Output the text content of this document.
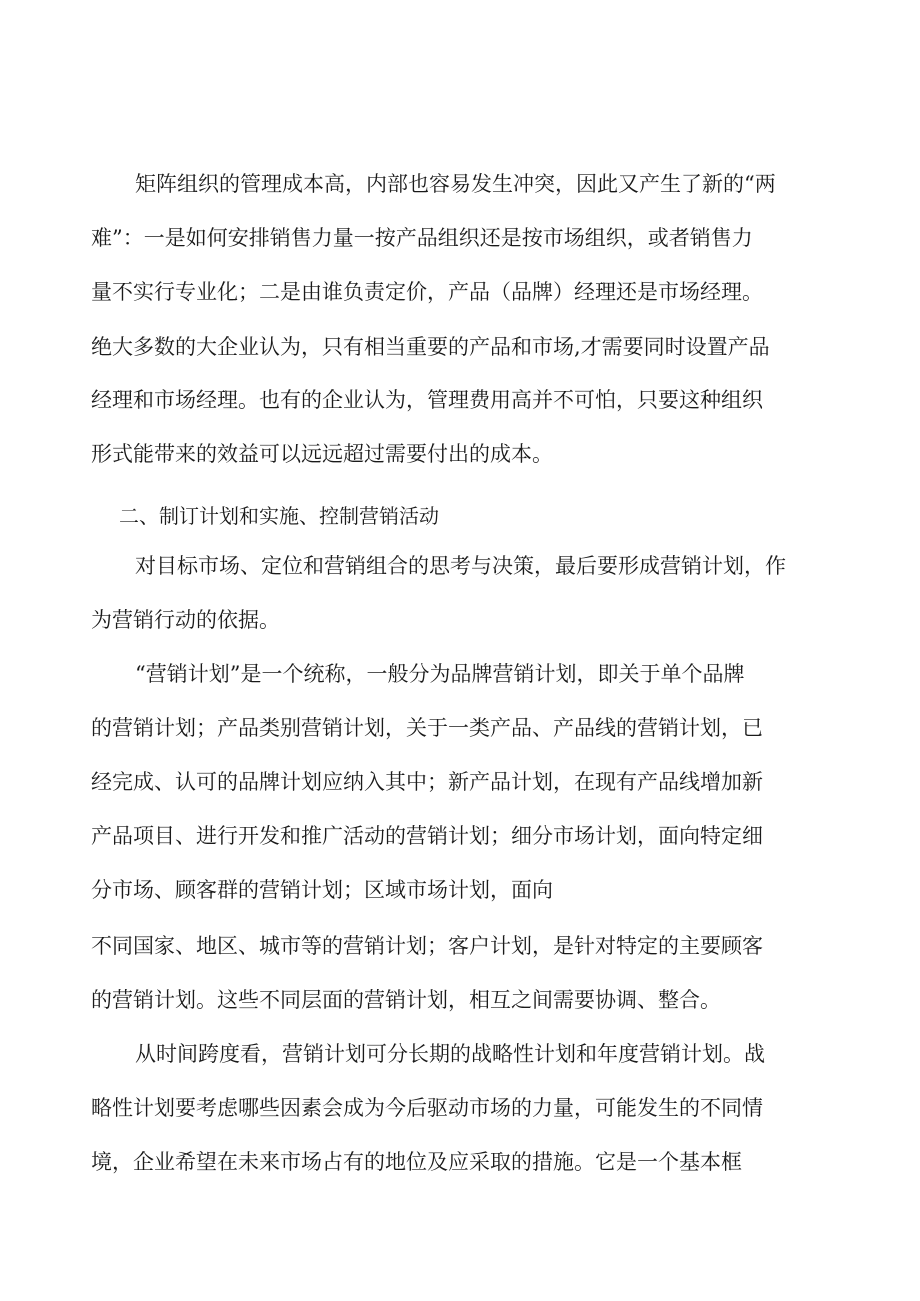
矩阵组织的管理成本高，内部也容易发生冲突，因此又产生了新的“两
难”：一是如何安排销售力量一按产品组织还是按市场组织，或者销售力
量不实行专业化；二是由谁负责定价，产品（品牌）经理还是市场经理。
绝大多数的大企业认为，只有相当重要的产品和市场,才需要同时设置产品
经理和市场经理。也有的企业认为，管理费用高并不可怕，只要这种组织
形式能带来的效益可以远远超过需要付出的成本。
二、制订计划和实施、控制营销活动
对目标市场、定位和营销组合的思考与决策，最后要形成营销计划，作
为营销行动的依据。
“营销计划”是一个统称，一般分为品牌营销计划，即关于单个品牌
的营销计划；产品类别营销计划，关于一类产品、产品线的营销计划，已
经完成、认可的品牌计划应纳入其中；新产品计划，在现有产品线增加新
产品项目、进行开发和推广活动的营销计划；细分市场计划，面向特定细
分市场、顾客群的营销计划；区域市场计划，面向
不同国家、地区、城市等的营销计划；客户计划，是针对特定的主要顾客
的营销计划。这些不同层面的营销计划，相互之间需要协调、整合。
从时间跨度看，营销计划可分长期的战略性计划和年度营销计划。战
略性计划要考虑哪些因素会成为今后驱动市场的力量，可能发生的不同情
境，企业希望在未来市场占有的地位及应采取的措施。它是一个基本框
